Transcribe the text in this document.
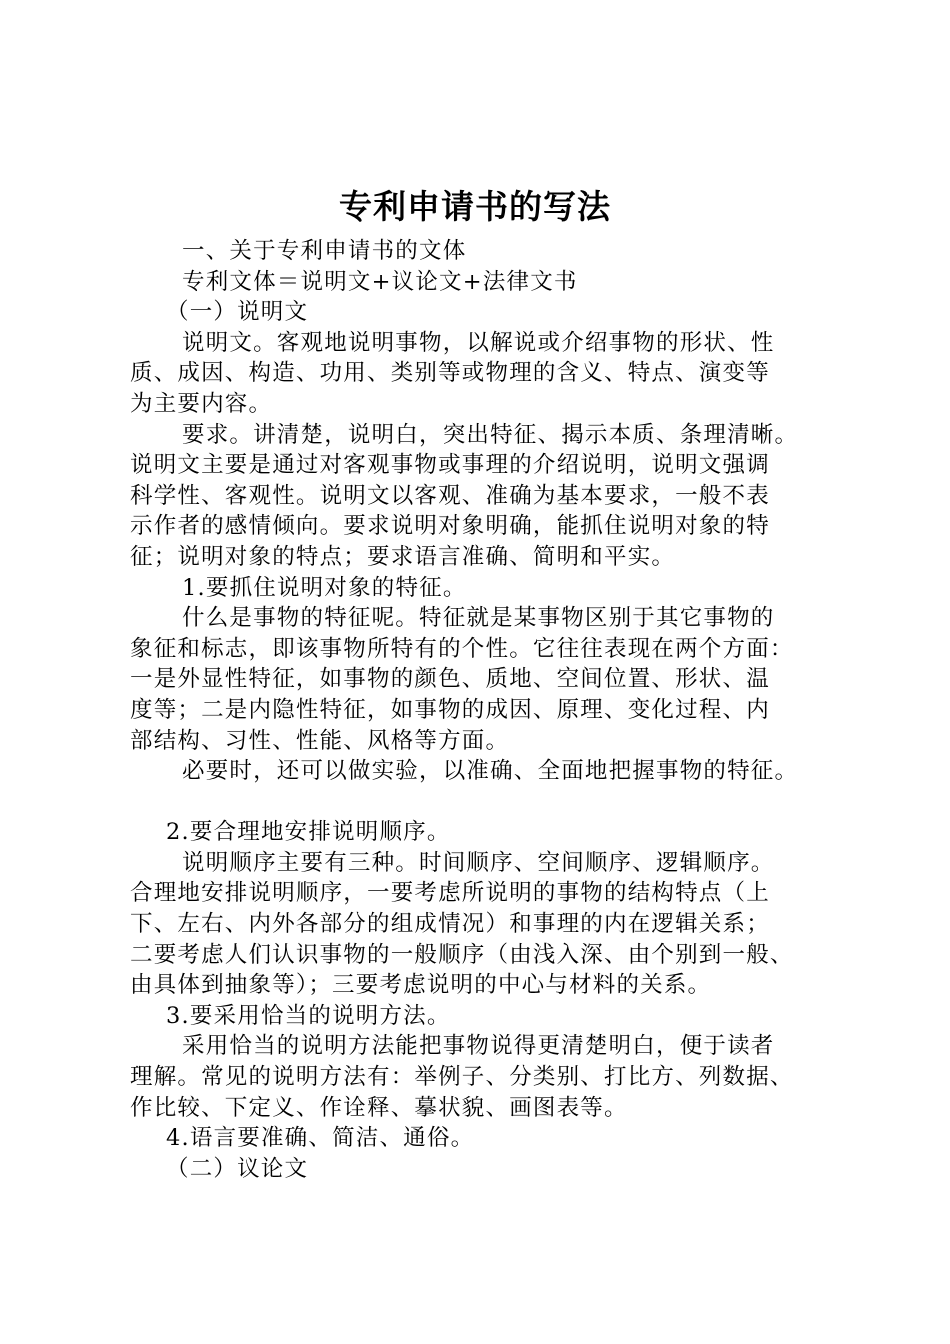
专利申请书的写法
一、关于专利申请书的文体
专利文体＝说明文+议论文+法律文书
（一）说明文
说明文。客观地说明事物，以解说或介绍事物的形状、性
质、成因、构造、功用、类别等或物理的含义、特点、演变等
为主要内容。
要求。讲清楚，说明白，突出特征、揭示本质、条理清晰。
说明文主要是通过对客观事物或事理的介绍说明，说明文强调
科学性、客观性。说明文以客观、准确为基本要求，一般不表
示作者的感情倾向。要求说明对象明确，能抓住说明对象的特
征；说明对象的特点；要求语言准确、简明和平实。
1.要抓住说明对象的特征。
什么是事物的特征呢。特征就是某事物区别于其它事物的
象征和标志，即该事物所特有的个性。它往往表现在两个方面：
一是外显性特征，如事物的颜色、质地、空间位置、形状、温
度等；二是内隐性特征，如事物的成因、原理、变化过程、内
部结构、习性、性能、风格等方面。
必要时，还可以做实验，以准确、全面地把握事物的特征。
2.要合理地安排说明顺序。
说明顺序主要有三种。时间顺序、空间顺序、逻辑顺序。
合理地安排说明顺序，一要考虑所说明的事物的结构特点（上
下、左右、内外各部分的组成情况）和事理的内在逻辑关系；
二要考虑人们认识事物的一般顺序（由浅入深、由个别到一般、
由具体到抽象等）；三要考虑说明的中心与材料的关系。
3.要采用恰当的说明方法。
采用恰当的说明方法能把事物说得更清楚明白，便于读者
理解。常见的说明方法有：举例子、分类别、打比方、列数据、
作比较、下定义、作诠释、摹状貌、画图表等。
4.语言要准确、简洁、通俗。
（二）议论文
